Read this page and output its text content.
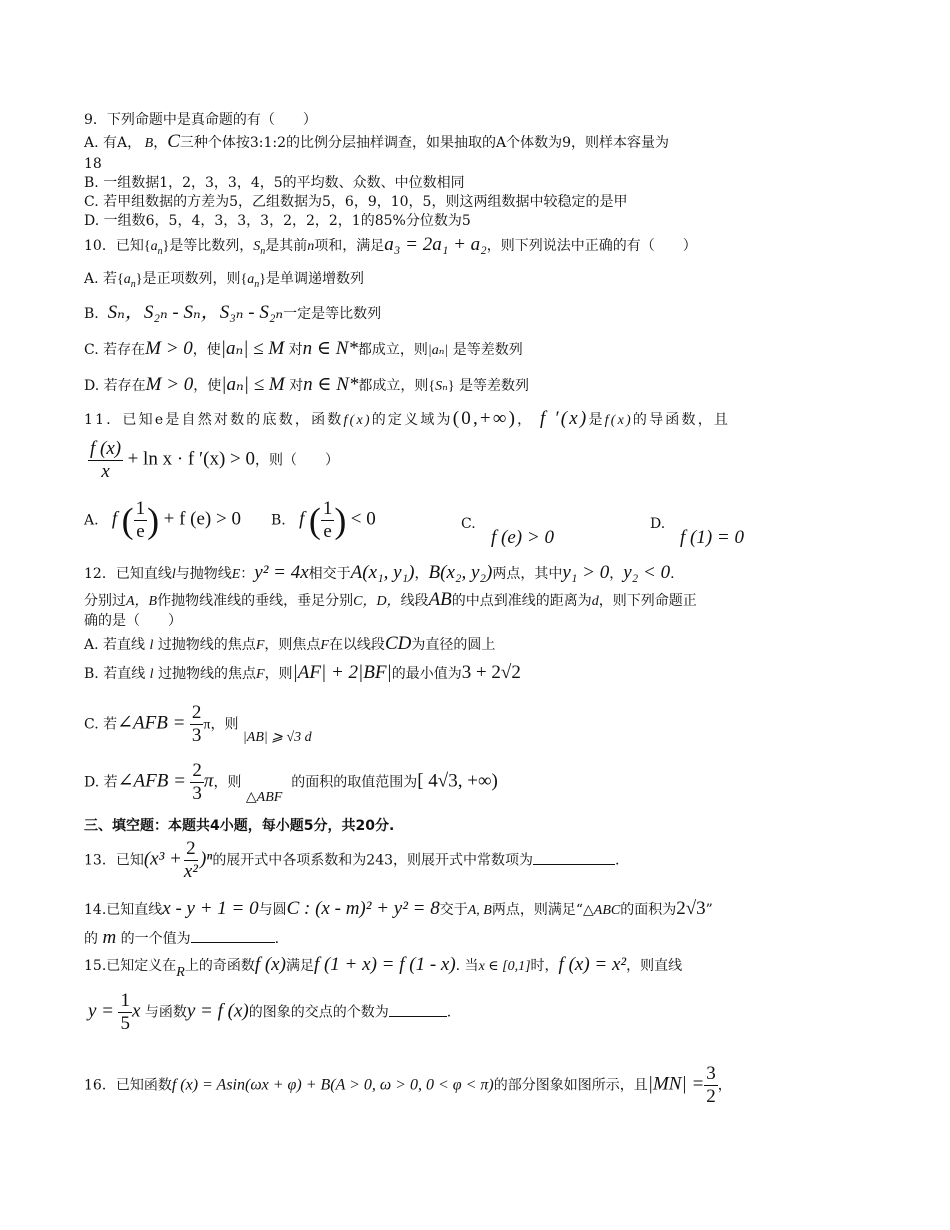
9．下列命题中是真命题的有（　　）
A. 有A， B，C三种个体按3:1:2的比例分层抽样调查，如果抽取的A个体数为9，则样本容量为
18
B. 一组数据1，2，3，3，4，5的平均数、众数、中位数相同
C. 若甲组数据的方差为5，乙组数据为5，6，9，10，5，则这两组数据中较稳定的是甲
D. 一组数6，5，4，3，3，3，2，2，2，1的85%分位数为5
10．已知$\{a_n\}$是等比数列，$S_n$是其前n项和，满足a₃ = 2a₁ + a₂，则下列说法中正确的有（　　）
A. 若$\{a_n\}$是正项数列，则$\{a_n\}$是单调递增数列
B. Sₙ，S₂ₙ - Sₙ，S₃ₙ - S₂ₙ一定是等比数列
C. 若存在M > 0，使|aₙ| ≤ M 对n ∈ N*都成立，则|aₙ| 是等差数列
D. 若存在M > 0，使|aₙ| ≤ M 对n ∈ N*都成立，则{Sₙ} 是等差数列
11．已知e是自然对数的底数，函数f(x)的定义域为(0,+∞)， f ′(x)是f(x)的导函数，且
$\frac{f (x)}{x} + \ln x \cdot f$ ′(x) > 0，则（　　）
A. f ( $\frac{1}{e}$ ) + f (e) > 0 B. f ( $\frac{1}{e}$ ) < 0	C.
f (e) > 0
D.
f (1) = 0
12．已知直线l与抛物线E：y² = 4x相交于A(x₁, y₁)，B(x₂, y₂)两点，其中y₁ > 0，y₂ < 0.
分别过A，B作抛物线准线的垂线，垂足分别C，D，线段AB的中点到准线的距离为d，则下列命题正
确的是（　　）
A. 若直线 l 过抛物线的焦点F，则焦点F在以线段CD为直径的圆上
B. 若直线 l 过抛物线的焦点F，则|AF| + 2|BF|的最小值为3 + 2√2
C. 若∠AFB = $\frac{2}{3}$ π，则 |AB| ⩾ √3 d
D. 若∠AFB = $\frac{2}{3}$ π，则 △ABF  的面积的取值范围为[ 4√3, +∞)
三、填空题：本题共4小题，每小题5分，共20分.
13．已知$(x^3 + \frac{2}{\text{x²}} )^n$的展开式中各项系数和为243，则展开式中常数项为	.
14.已知直线x - y + 1 = 0与圆C : (x - m)² + y² = 8交于A, B两点，则满足“△ABC的面积为2√3”
的 m 的一个值为	.
15.已知定义在R上的奇函数f (x)满足f (1 + x) = f (1 - x). 当x ∈ [0,1]时，f (x) = x²，则直线
$y = \frac{1}{5}$ x 与函数y = f (x)的图象的交点的个数为	.
16．已知函数f (x) = Asin(ωx + φ) + B(A > 0, ω > 0, 0 < φ < π)的部分图象如图所示，且$|MN| = \frac{3}{2}$ ，
